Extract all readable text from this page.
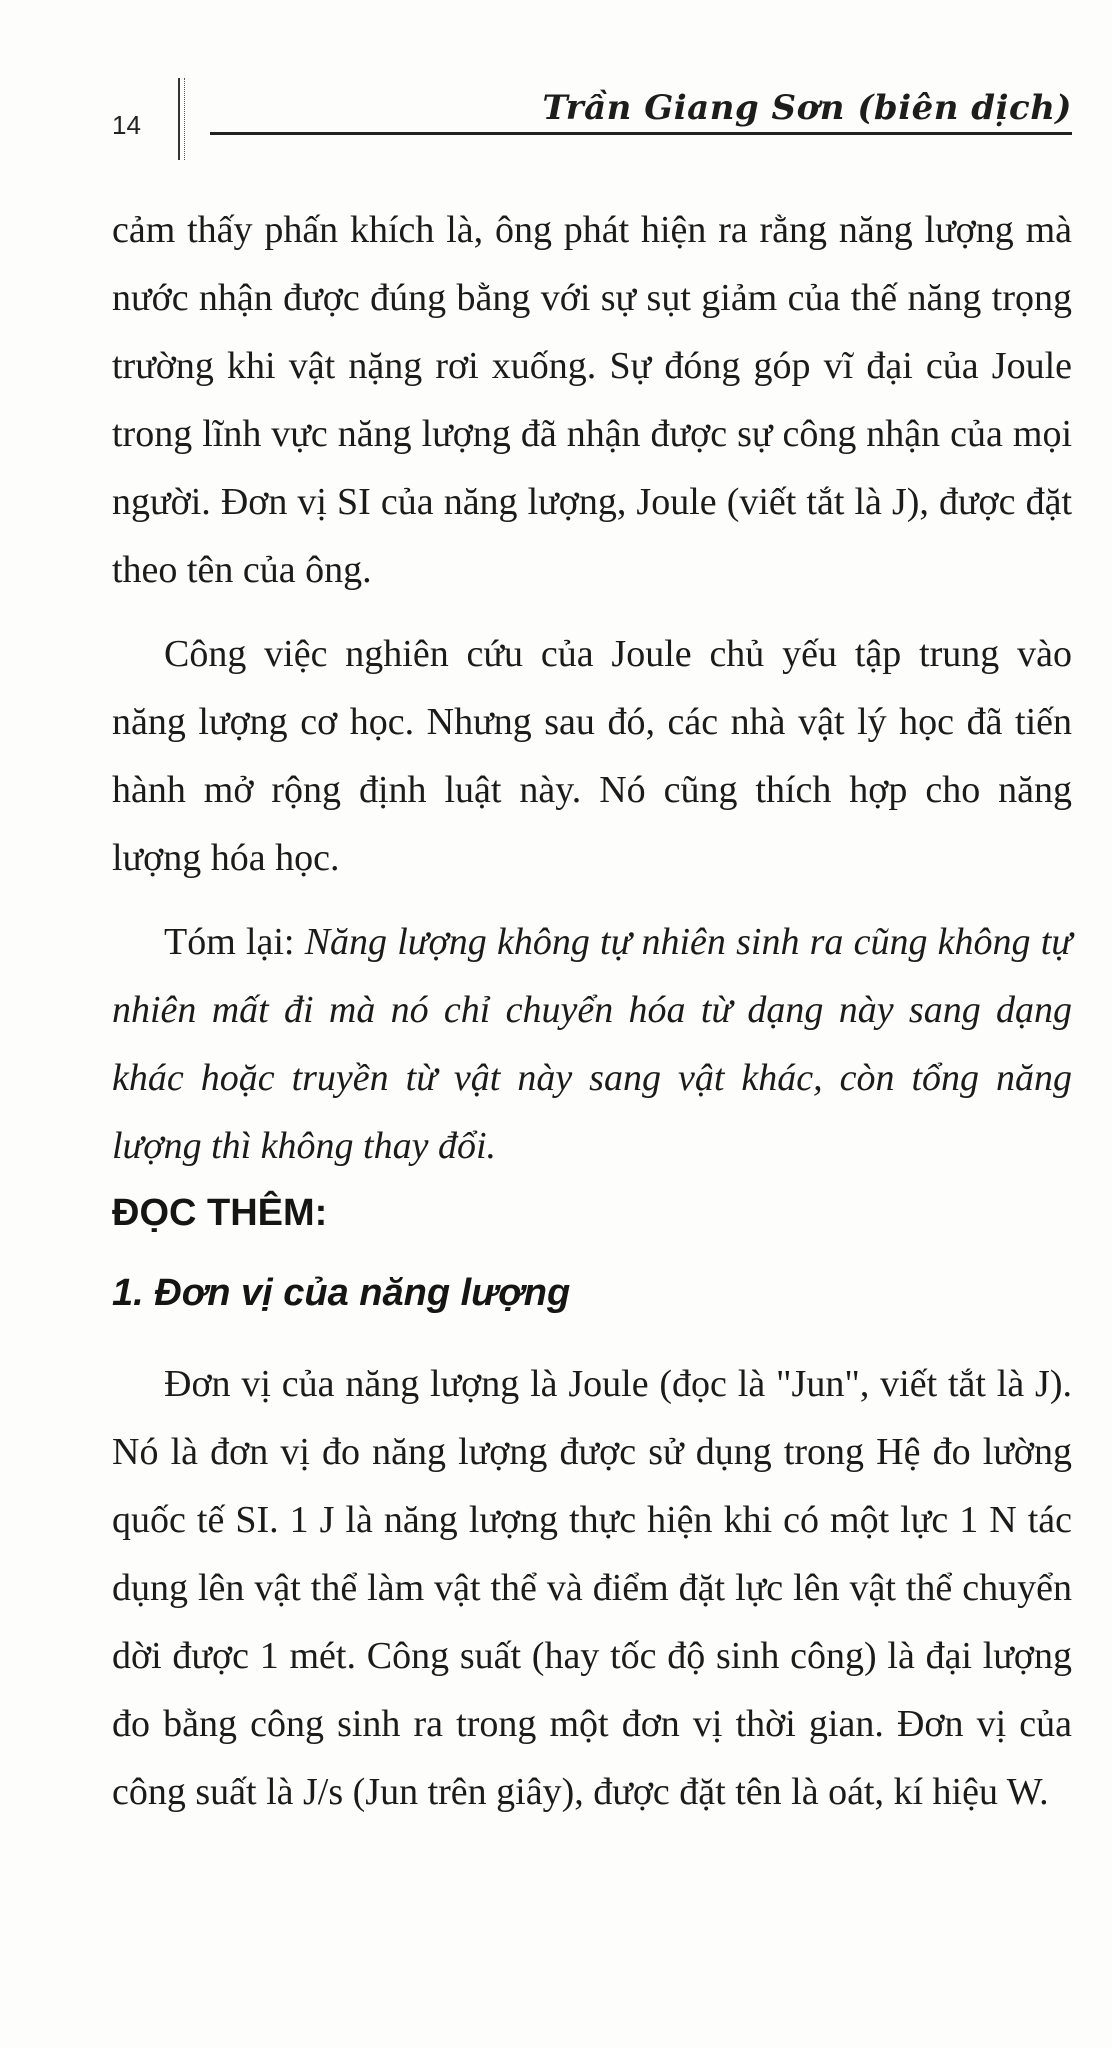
14	Trần Giang Sơn (biên dịch)

cảm thấy phấn khích là, ông phát hiện ra rằng năng lượng mà nước nhận được đúng bằng với sự sụt giảm của thế năng trọng trường khi vật nặng rơi xuống. Sự đóng góp vĩ đại của Joule trong lĩnh vực năng lượng đã nhận được sự công nhận của mọi người. Đơn vị SI của năng lượng, Joule (viết tắt là J), được đặt theo tên của ông.

Công việc nghiên cứu của Joule chủ yếu tập trung vào năng lượng cơ học. Nhưng sau đó, các nhà vật lý học đã tiến hành mở rộng định luật này. Nó cũng thích hợp cho năng lượng hóa học.

Tóm lại: Năng lượng không tự nhiên sinh ra cũng không tự nhiên mất đi mà nó chỉ chuyển hóa từ dạng này sang dạng khác hoặc truyền từ vật này sang vật khác, còn tổng năng lượng thì không thay đổi.

ĐỌC THÊM:
1. Đơn vị của năng lượng

Đơn vị của năng lượng là Joule (đọc là "Jun", viết tắt là J). Nó là đơn vị đo năng lượng được sử dụng trong Hệ đo lường quốc tế SI. 1 J là năng lượng thực hiện khi có một lực 1 N tác dụng lên vật thể làm vật thể và điểm đặt lực lên vật thể chuyển dời được 1 mét. Công suất (hay tốc độ sinh công) là đại lượng đo bằng công sinh ra trong một đơn vị thời gian. Đơn vị của công suất là J/s (Jun trên giây), được đặt tên là oát, kí hiệu W.
